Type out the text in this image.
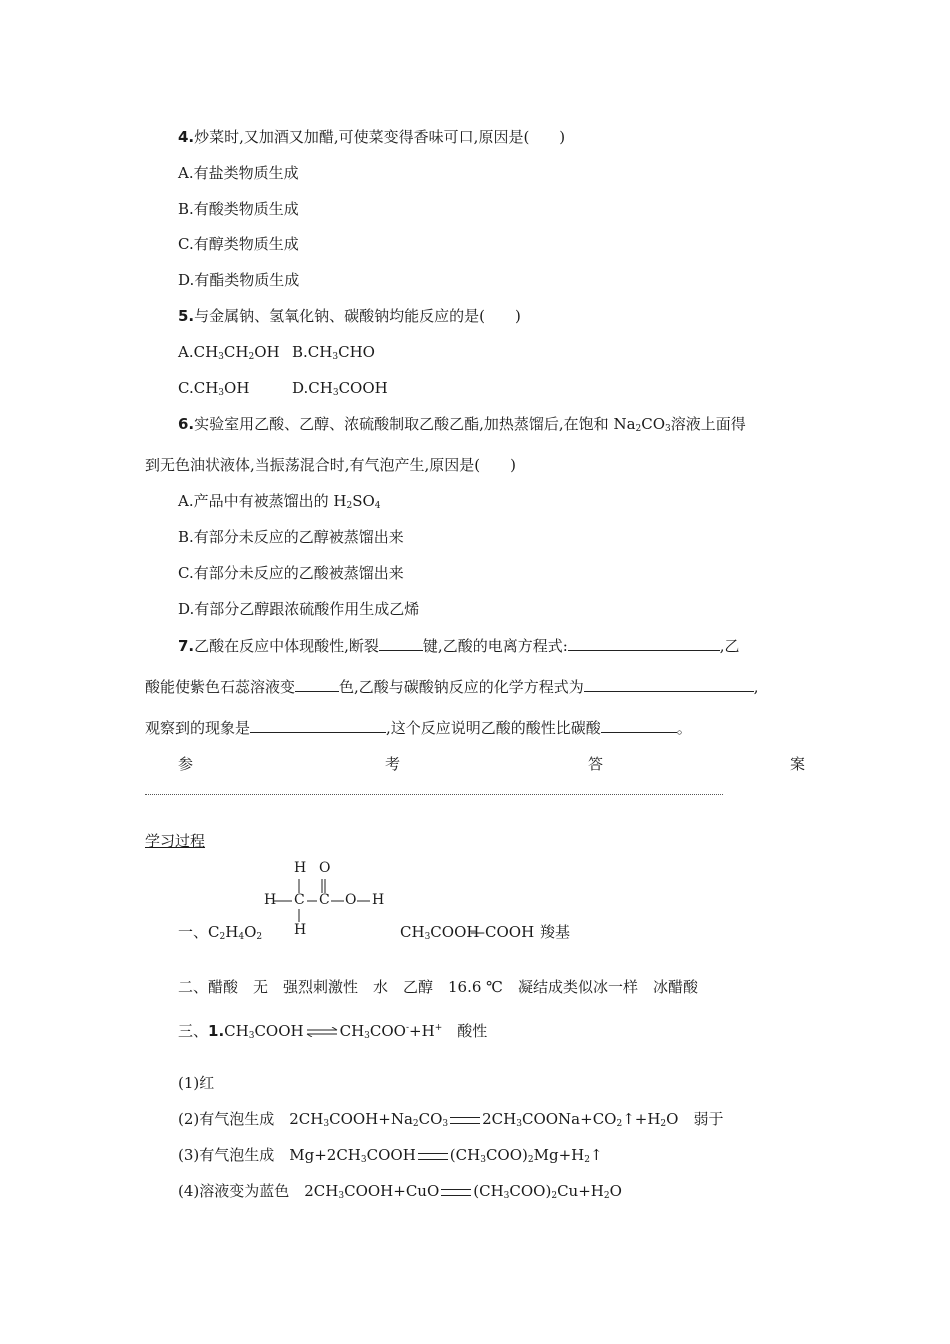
4.炒菜时,又加酒又加醋,可使菜变得香味可口,原因是(　　)
A.有盐类物质生成
B.有酸类物质生成
C.有醇类物质生成
D.有酯类物质生成
5.与金属钠、氢氧化钠、碳酸钠均能反应的是(　　)
$A.CH_3CH_2OH$ $B.CH_3CHO$
$C.CH_3OH$	$D.CH_3COOH$
6.实验室用乙酸、乙醇、浓硫酸制取乙酸乙酯,加热蒸馏后,在饱和 $Na_2CO_3$溶液上面得
到无色油状液体,当振荡混合时,有气泡产生,原因是(　　)
A.产品中有被蒸馏出的 $H_2SO_4$
B.有部分未反应的乙醇被蒸馏出来
C.有部分未反应的乙酸被蒸馏出来
D.有部分乙醇跟浓硫酸作用生成乙烯
7.乙酸在反应中体现酸性,断裂	键,乙酸的电离方程式:	,乙
酸能使紫色石蕊溶液变	色,乙酸与碳酸钠反应的化学方程式为	,
观察到的现象是	,这个反应说明乙酸的酸性比碳酸	。
参	考	答	案
学习过程
H O
H C C O H
H
一、$C_2H_4O_2$	$CH_3COOH$
—COOH 羧基
二、醋酸　无　强烈刺激性　水　乙醇　16.6 ℃　凝结成类似冰一样　冰醋酸
三、$1.CH_3COOH\rightleftharpoons CH_3COO^-+H^+$　 酸性
(1)红
(2)有气泡生成　$2CH_3COOH+Na_2CO_3$ $2CH_3COONa+CO_2↑+H_2O$　弱于
(3)有气泡生成　$Mg+2CH_3COOH$ $(CH_3COO)_2Mg+H_2↑$
(4)溶液变为蓝色　$2CH_3COOH+CuO$ $(CH_3COO)_2Cu+H_2O$
